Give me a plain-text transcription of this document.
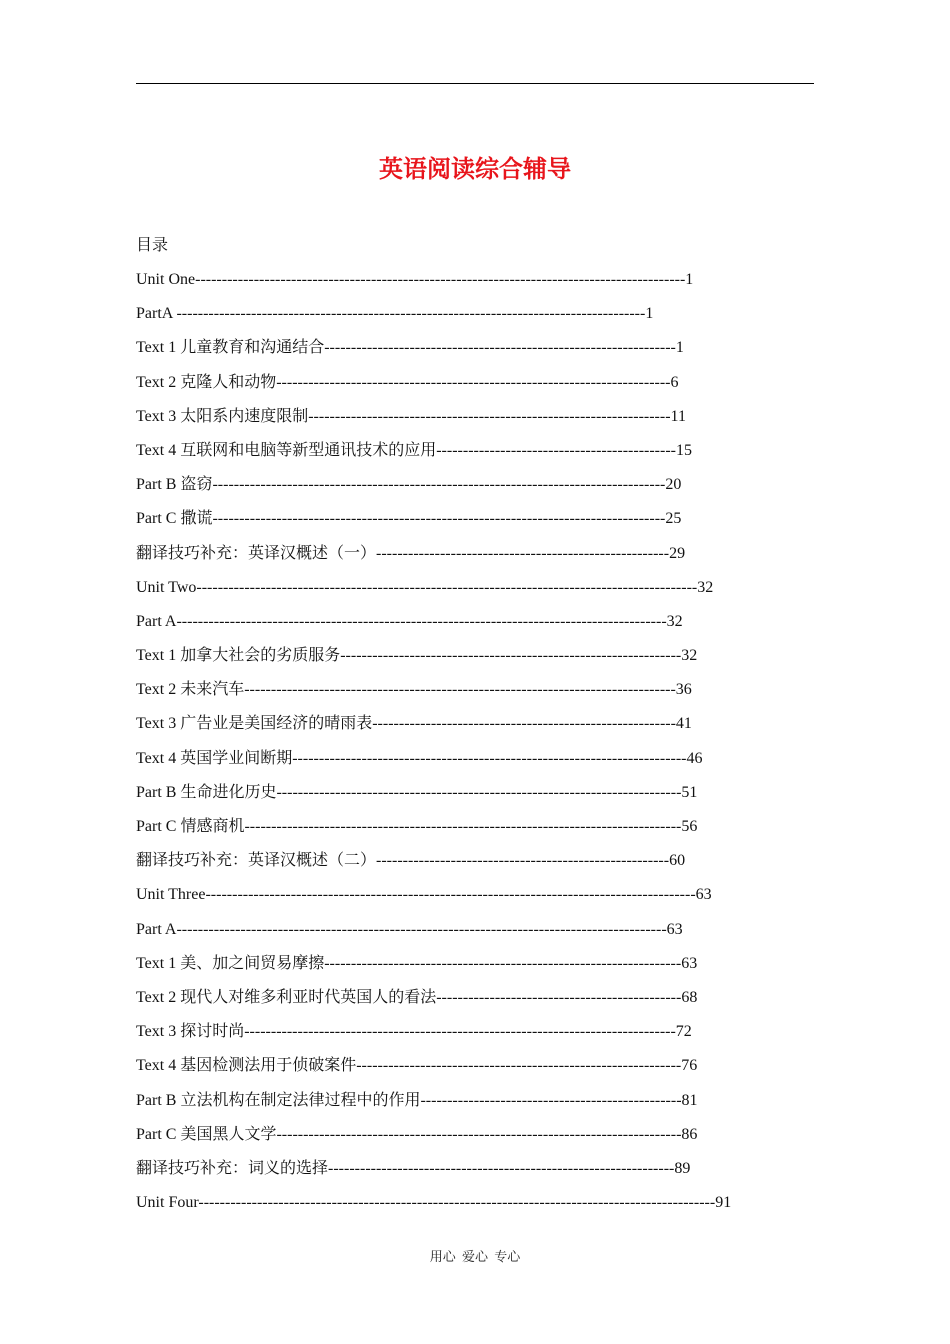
英语阅读综合辅导
目录
Unit One--------------------------------------------------------------------------------------------1
PartA ----------------------------------------------------------------------------------------1
Text 1 儿童教育和沟通结合------------------------------------------------------------------1
Text 2 克隆人和动物--------------------------------------------------------------------------6
Text 3 太阳系内速度限制--------------------------------------------------------------------11
Text 4 互联网和电脑等新型通讯技术的应用---------------------------------------------15
Part B 盗窃-------------------------------------------------------------------------------------20
Part C 撒谎-------------------------------------------------------------------------------------25
翻译技巧补充：英译汉概述（一）-------------------------------------------------------29
Unit Two----------------------------------------------------------------------------------------------32
Part A--------------------------------------------------------------------------------------------32
Text 1 加拿大社会的劣质服务----------------------------------------------------------------32
Text 2 未来汽车---------------------------------------------------------------------------------36
Text 3 广告业是美国经济的晴雨表---------------------------------------------------------41
Text 4 英国学业间断期--------------------------------------------------------------------------46
Part B 生命进化历史----------------------------------------------------------------------------51
Part C 情感商机----------------------------------------------------------------------------------56
翻译技巧补充：英译汉概述（二）-------------------------------------------------------60
Unit Three--------------------------------------------------------------------------------------------63
Part A--------------------------------------------------------------------------------------------63
Text 1 美、加之间贸易摩擦-------------------------------------------------------------------63
Text 2 现代人对维多利亚时代英国人的看法----------------------------------------------68
Text 3 探讨时尚---------------------------------------------------------------------------------72
Text 4 基因检测法用于侦破案件-------------------------------------------------------------76
Part B 立法机构在制定法律过程中的作用-------------------------------------------------81
Part C 美国黑人文学----------------------------------------------------------------------------86
翻译技巧补充：词义的选择-----------------------------------------------------------------89
Unit Four-------------------------------------------------------------------------------------------------91
用心 爱心 专心
